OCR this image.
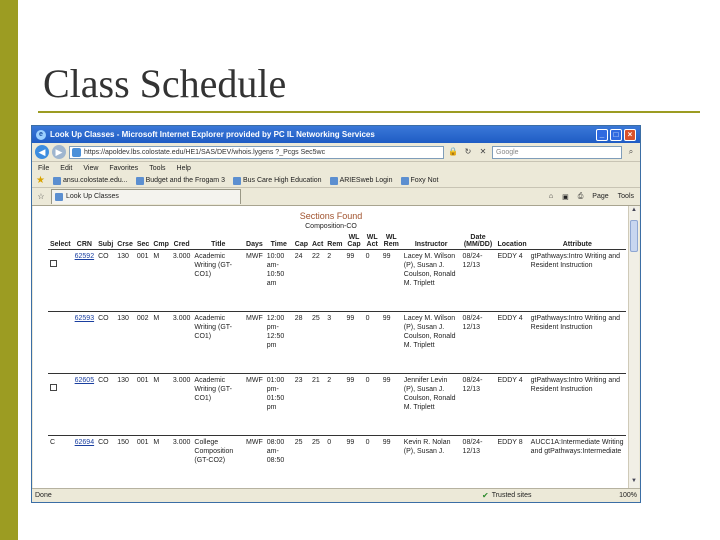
Class Schedule
e Look Up Classes - Microsoft Internet Explorer provided by PC IL Networking Services	_	□	×
◀	▶	https://apoldev.lbs.colostate.edu/HE1/SAS/DEV/whois.lygens ?_Pcgs Sec5wc	🔒 ↻	✕	Google	⌕
File Edit View Favorites Tools Help
★	ansu.colostate.edu...	Budget and the Frogam 3	Bus Care High Education	ARIESweb Login	Foxy Not
☆	Look Up Classes	⌂ ▣ ⎙ Page Tools
Sections Found
Composition-CO
Select	CRN	Subj	Crse	Sec	Cmp	Cred	Title	Days	Time	Cap	Act	Rem	WL Cap	WL Act	WL Rem	Instructor	Date (MM/DD)	Location	Attribute
	62592	CO	130	001	M	3.000	Academic Writing (GT-CO1)	MWF	10:00 am-10:50 am	24	22	2	99	0	99	Lacey M. Wilson (P), Susan J. Coulson, Ronald M. Triplett	08/24-12/13	EDDY 4	gtPathways:Intro Writing and Resident Instruction
	62593	CO	130	002	M	3.000	Academic Writing (GT-CO1)	MWF	12:00 pm-12:50 pm	28	25	3	99	0	99	Lacey M. Wilson (P), Susan J. Coulson, Ronald M. Triplett	08/24-12/13	EDDY 4	gtPathways:Intro Writing and Resident Instruction
	62605	CO	130	001	M	3.000	Academic Writing (GT-CO1)	MWF	01:00 pm-01:50 pm	23	21	2	99	0	99	Jennifer Levin (P), Susan J. Coulson, Ronald M. Triplett	08/24-12/13	EDDY 4	gtPathways:Intro Writing and Resident Instruction
C	62694	CO	150	001	M	3.000	College Composition (GT-CO2)	MWF	08:00 am-08:50	25	25	0	99	0	99	Kevin R. Nolan (P), Susan J.	08/24-12/13	EDDY 8	AUCC1A:Intermediate Writing and gtPathways:Intermediate
▲
▼
Done	✔ Trusted sites	100%
